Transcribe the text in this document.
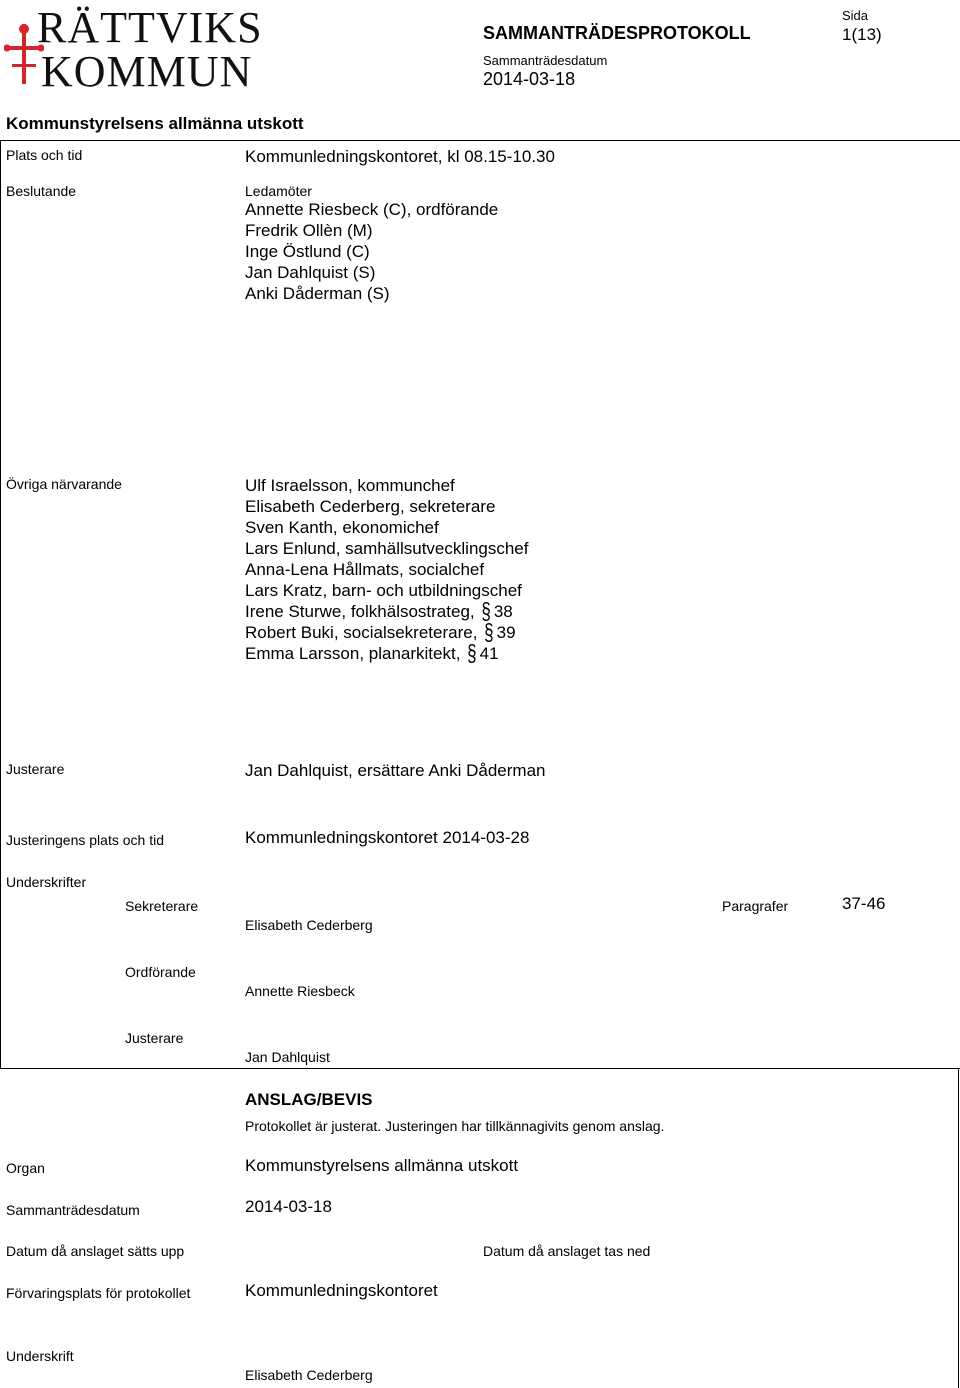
RÄTTVIKS
KOMMUN
SAMMANTRÄDESPROTOKOLL
Sida
1(13)
Sammanträdesdatum
2014-03-18
Kommunstyrelsens allmänna utskott
Plats och tid	Kommunledningskontoret, kl 08.15-10.30
Beslutande	Ledamöter
Annette Riesbeck (C), ordförande
Fredrik Ollèn (M)
Inge Östlund (C)
Jan Dahlquist (S)
Anki Dåderman (S)
Övriga närvarande	Ulf Israelsson, kommunchef
Elisabeth Cederberg, sekreterare
Sven Kanth, ekonomichef
Lars Enlund, samhällsutvecklingschef
Anna-Lena Hållmats, socialchef
Lars Kratz, barn- och utbildningschef
Irene Sturwe, folkhälsostrateg, § 38
Robert Buki, socialsekreterare, § 39
Emma Larsson, planarkitekt, § 41
Justerare	Jan Dahlquist, ersättare Anki Dåderman
Justeringens plats och tid	Kommunledningskontoret 2014-03-28
Underskrifter
Sekreterare	Paragrafer	37-46
Elisabeth Cederberg
Ordförande
Annette Riesbeck
Justerare
Jan Dahlquist
ANSLAG/BEVIS
Protokollet är justerat. Justeringen har tillkännagivits genom anslag.
Organ	Kommunstyrelsens allmänna utskott
Sammanträdesdatum	2014-03-18
Datum då anslaget sätts upp	Datum då anslaget tas ned
Förvaringsplats för protokollet	Kommunledningskontoret
Underskrift
Elisabeth Cederberg
